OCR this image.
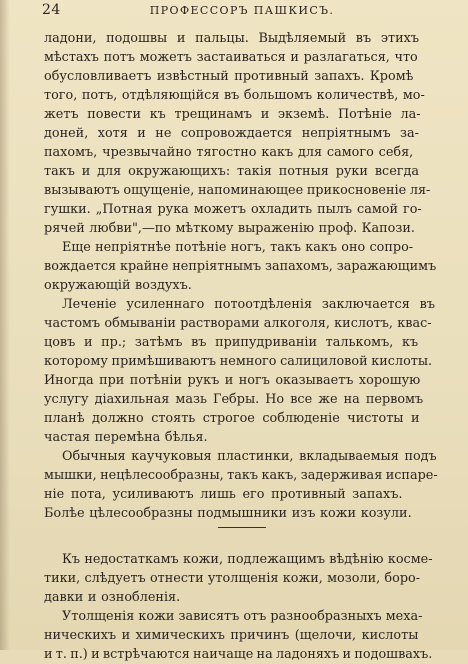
24	ПРОФЕССОРЪ ПАШКИСЪ.
ладони, подошвы и пальцы. Выдѣляемый въ этихъ
мѣстахъ потъ можетъ застаиваться и разлагаться, что
обусловливаетъ извѣстный противный запахъ. Кромѣ
того, потъ, отдѣляющійся въ большомъ количествѣ, мо-
жетъ повести къ трещинамъ и экземѣ. Потѣніе ла-
доней, хотя и не сопровождается непріятнымъ за-
пахомъ, чрезвычайно тягостно какъ для самого себя,
такъ и для окружающихъ: такія потныя руки всегда
вызываютъ ощущеніе, напоминающее прикосновеніе ля-
гушки. „Потная рука можетъ охладить пылъ самой го-
рячей любви",—по мѣткому выраженію проф. Капози.
Еще непріятнѣе потѣніе ногъ, такъ какъ оно сопро-
вождается крайне непріятнымъ запахомъ, заражающимъ
окружающій воздухъ.
Леченіе усиленнаго потоотдѣленія заключается въ
частомъ обмываніи растворами алкоголя, кислотъ, квас-
цовъ и пр.; затѣмъ въ припудриваніи талькомъ, къ
которому примѣшиваютъ немного салициловой кислоты.
Иногда при потѣніи рукъ и ногъ оказываетъ хорошую
услугу діахильная мазь Гебры. Но все же на первомъ
планѣ должно стоять строгое соблюденіе чистоты и
частая перемѣна бѣлья.
Обычныя каучуковыя пластинки, вкладываемыя подъ
мышки, нецѣлесообразны, такъ какъ, задерживая испаре-
ніе пота, усиливаютъ лишь его противный запахъ.
Болѣе цѣлесообразны подмышники изъ кожи козули.
Къ недостаткамъ кожи, подлежащимъ вѣдѣнію косме-
тики, слѣдуетъ отнести утолщенія кожи, мозоли, боро-
давки и ознобленія.
Утолщенія кожи зависятъ отъ разнообразныхъ меха-
ническихъ и химическихъ причинъ (щелочи, кислоты
и т. п.) и встрѣчаются наичаще на ладоняхъ и подошвахъ.
